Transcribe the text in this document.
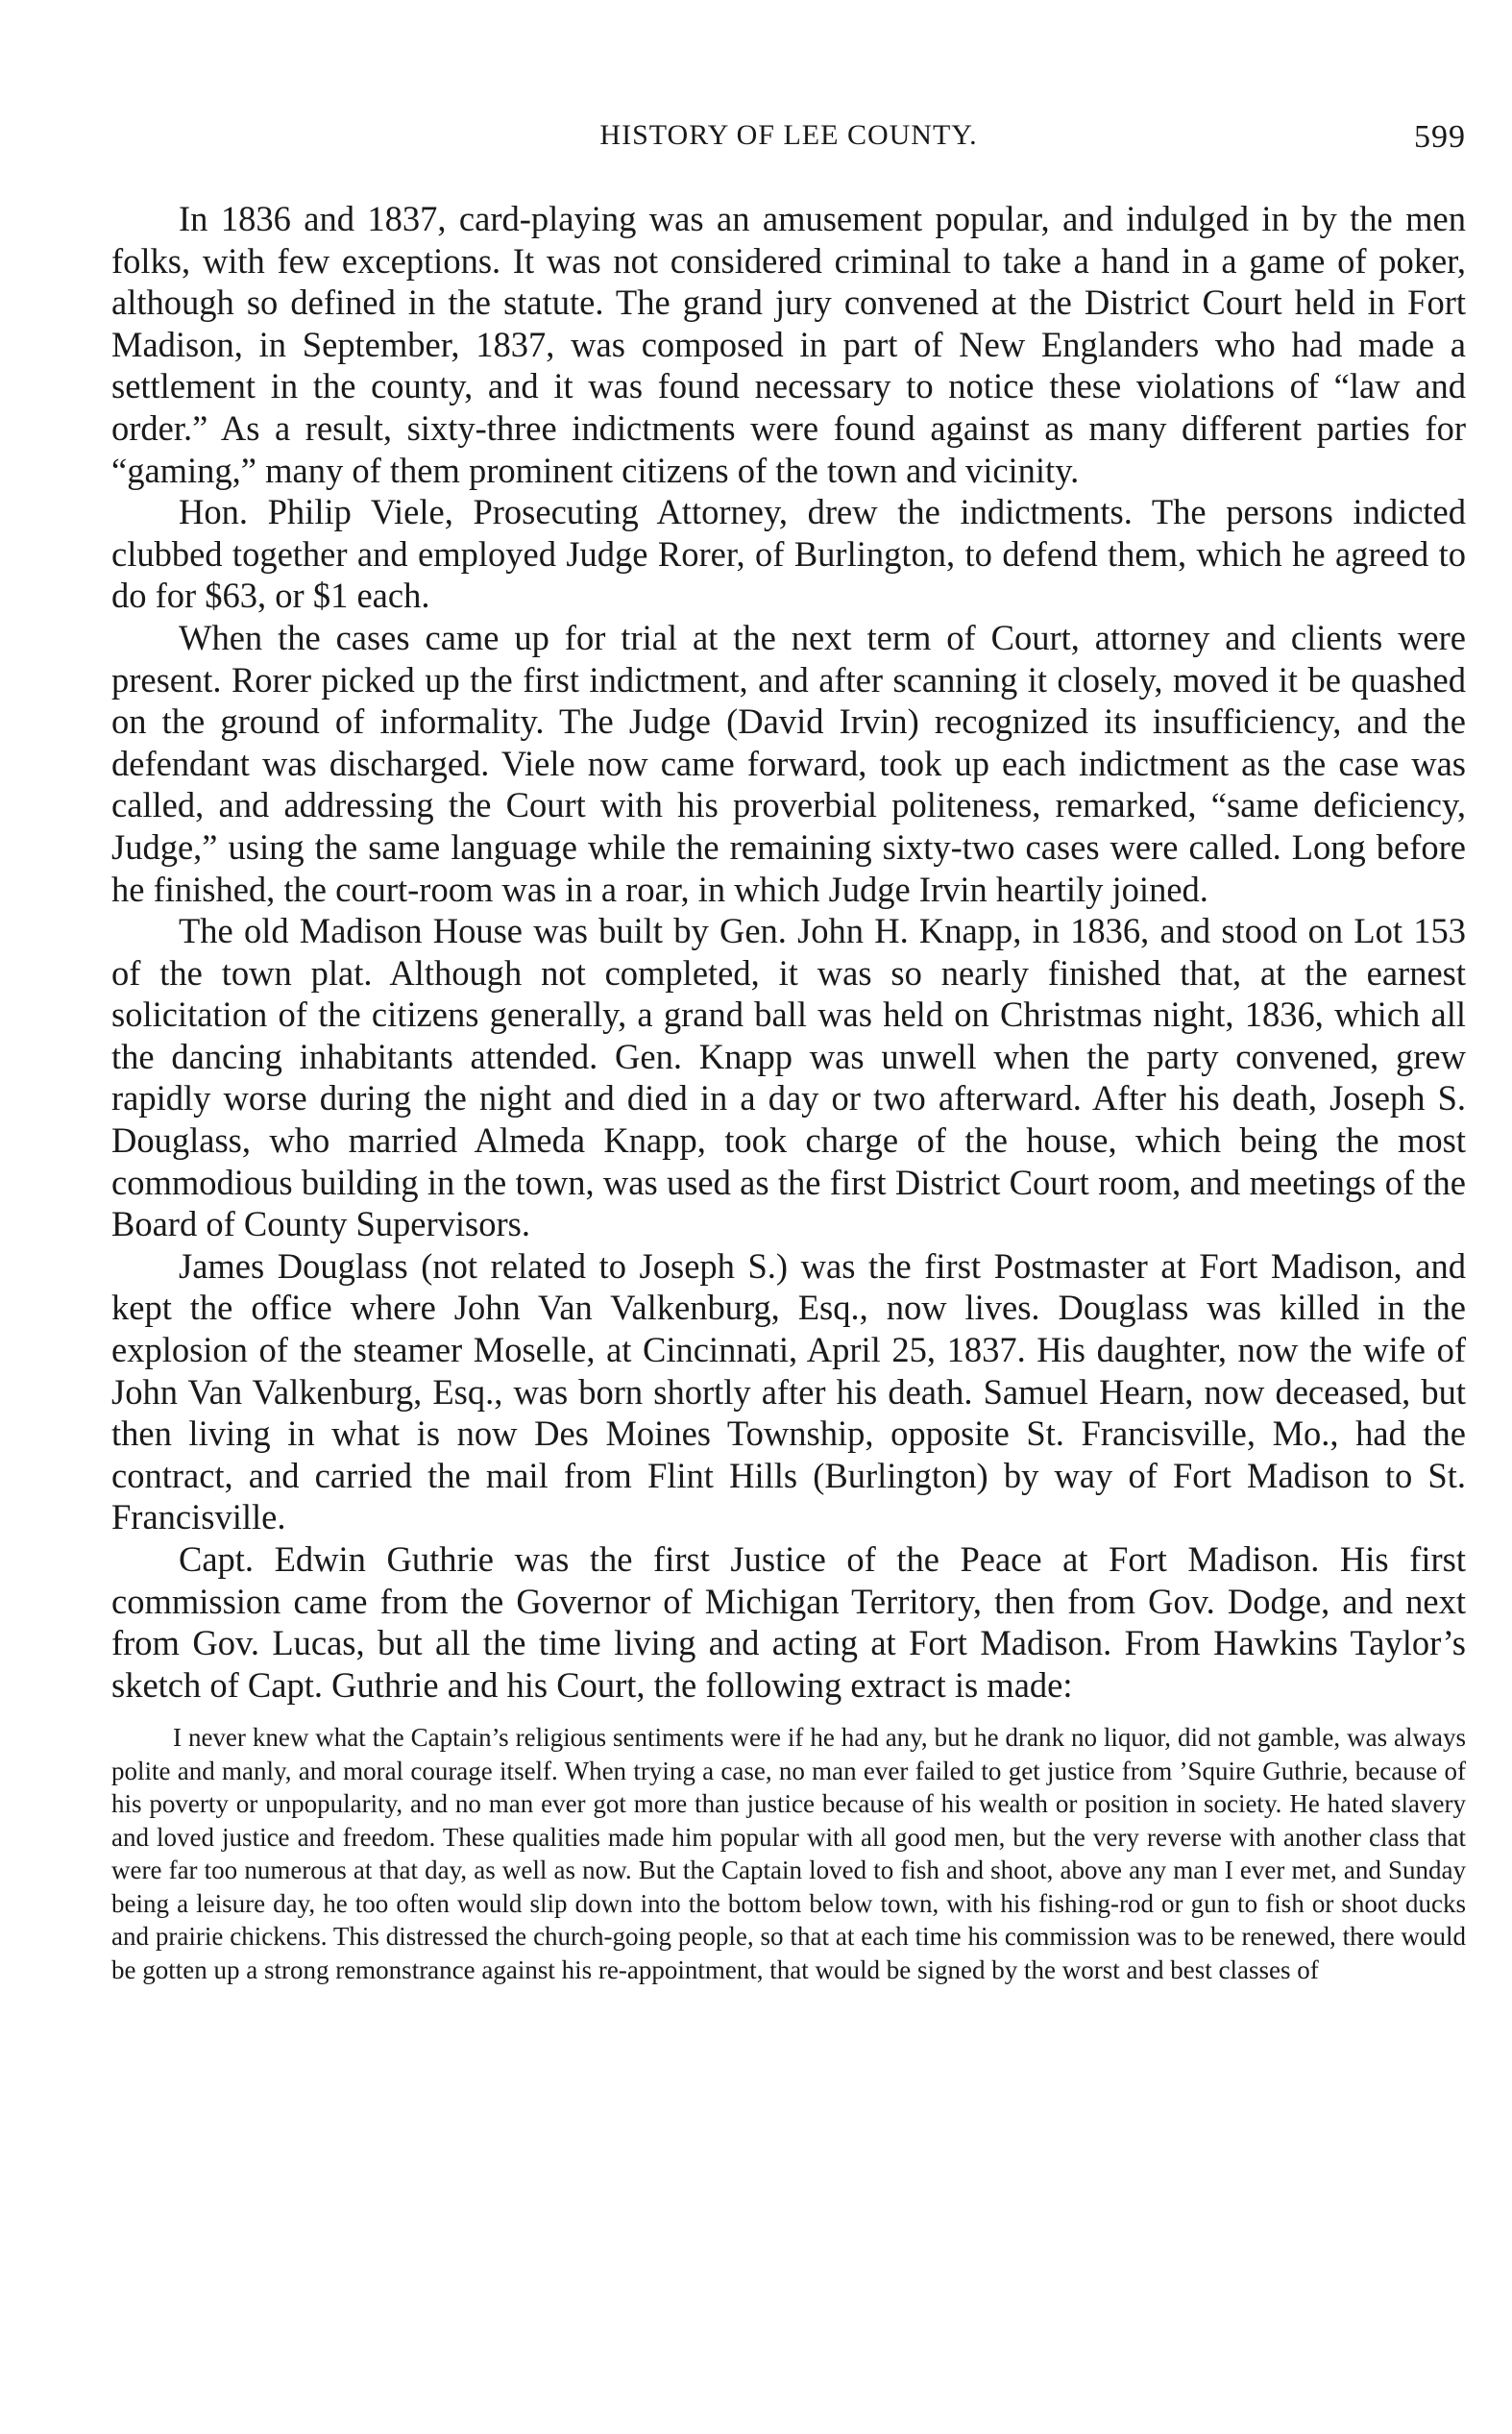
HISTORY OF LEE COUNTY.	599

In 1836 and 1837, card-playing was an amusement popular, and indulged in by the men folks, with few exceptions. It was not considered criminal to take a hand in a game of poker, although so defined in the statute. The grand jury convened at the District Court held in Fort Madison, in September, 1837, was composed in part of New Englanders who had made a settlement in the county, and it was found necessary to notice these violations of “law and order.” As a result, sixty-three indictments were found against as many different parties for “gaming,” many of them prominent citizens of the town and vicinity.

Hon. Philip Viele, Prosecuting Attorney, drew the indictments. The persons indicted clubbed together and employed Judge Rorer, of Burlington, to defend them, which he agreed to do for $63, or $1 each.

When the cases came up for trial at the next term of Court, attorney and clients were present. Rorer picked up the first indictment, and after scanning it closely, moved it be quashed on the ground of informality. The Judge (David Irvin) recognized its insufficiency, and the defendant was discharged. Viele now came forward, took up each indictment as the case was called, and addressing the Court with his proverbial politeness, remarked, “same deficiency, Judge,” using the same language while the remaining sixty-two cases were called. Long before he finished, the court-room was in a roar, in which Judge Irvin heartily joined.

The old Madison House was built by Gen. John H. Knapp, in 1836, and stood on Lot 153 of the town plat. Although not completed, it was so nearly finished that, at the earnest solicitation of the citizens generally, a grand ball was held on Christmas night, 1836, which all the dancing inhabitants attended. Gen. Knapp was unwell when the party convened, grew rapidly worse during the night and died in a day or two afterward. After his death, Joseph S. Douglass, who married Almeda Knapp, took charge of the house, which being the most commodious building in the town, was used as the first District Court room, and meetings of the Board of County Supervisors.

James Douglass (not related to Joseph S.) was the first Postmaster at Fort Madison, and kept the office where John Van Valkenburg, Esq., now lives. Douglass was killed in the explosion of the steamer Moselle, at Cincinnati, April 25, 1837. His daughter, now the wife of John Van Valkenburg, Esq., was born shortly after his death. Samuel Hearn, now deceased, but then living in what is now Des Moines Township, opposite St. Francisville, Mo., had the contract, and carried the mail from Flint Hills (Burlington) by way of Fort Madison to St. Francisville.

Capt. Edwin Guthrie was the first Justice of the Peace at Fort Madison. His first commission came from the Governor of Michigan Territory, then from Gov. Dodge, and next from Gov. Lucas, but all the time living and acting at Fort Madison. From Hawkins Taylor’s sketch of Capt. Guthrie and his Court, the following extract is made:

I never knew what the Captain’s religious sentiments were if he had any, but he drank no liquor, did not gamble, was always polite and manly, and moral courage itself. When trying a case, no man ever failed to get justice from ’Squire Guthrie, because of his poverty or unpopularity, and no man ever got more than justice because of his wealth or position in society. He hated slavery and loved justice and freedom. These qualities made him popular with all good men, but the very reverse with another class that were far too numerous at that day, as well as now. But the Captain loved to fish and shoot, above any man I ever met, and Sunday being a leisure day, he too often would slip down into the bottom below town, with his fishing-rod or gun to fish or shoot ducks and prairie chickens. This distressed the church-going people, so that at each time his commission was to be renewed, there would be gotten up a strong remonstrance against his re-appointment, that would be signed by the worst and best classes of
